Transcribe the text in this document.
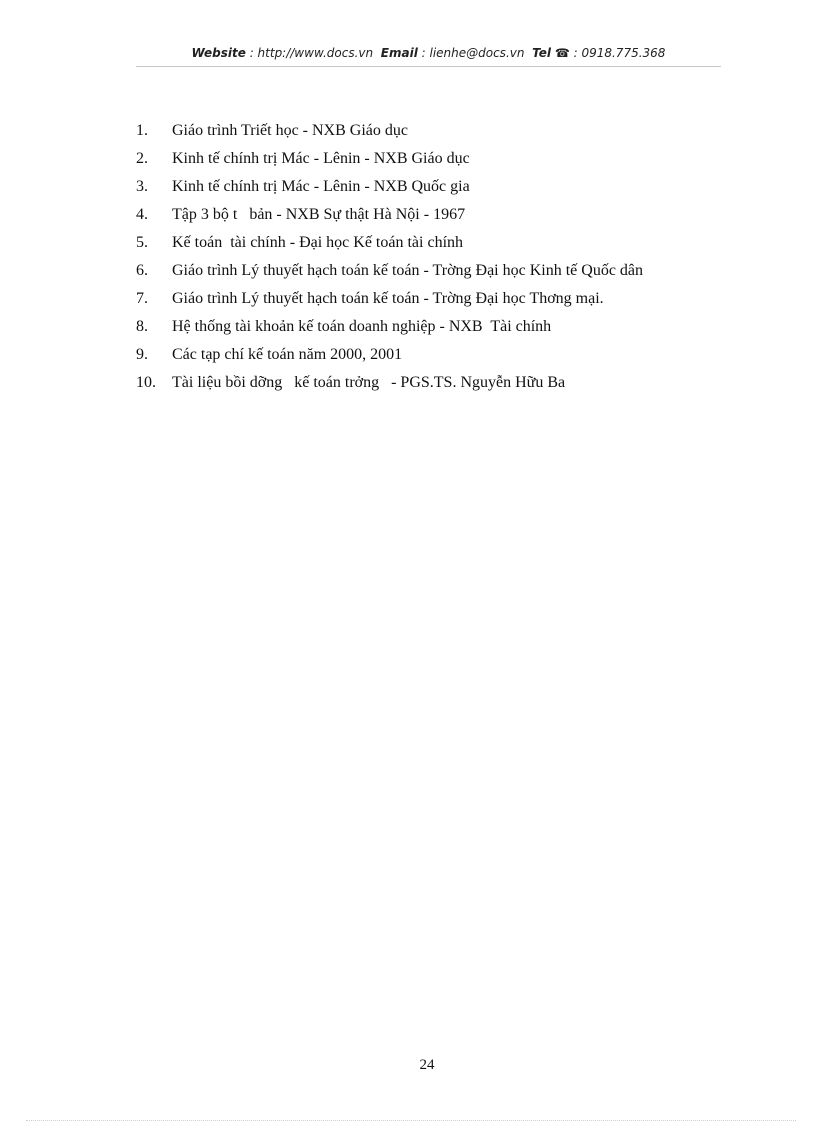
Website : http://www.docs.vn Email : lienhe@docs.vn Tel ☎ : 0918.775.368
1.	Giáo trình Triết học - NXB Giáo dục
2.	Kinh tế chính trị Mác - Lênin - NXB Giáo dục
3.	Kinh tế chính trị Mác - Lênin - NXB Quốc gia
4.	Tập 3 bộ t   bản - NXB Sự thật Hà Nội - 1967
5.	Kế toán  tài chính - Đại học Kế toán tài chính
6.	Giáo trình Lý thuyết hạch toán kế toán - Trờng Đại học Kinh tế Quốc dân
7.	Giáo trình Lý thuyết hạch toán kế toán - Trờng Đại học Thơng mại.
8.	Hệ thống tài khoản kế toán doanh nghiệp - NXB  Tài chính
9.	Các tạp chí kế toán năm 2000, 2001
10.	Tài liệu bồi dỡng   kế toán trởng   - PGS.TS. Nguyễn Hữu Ba
24
